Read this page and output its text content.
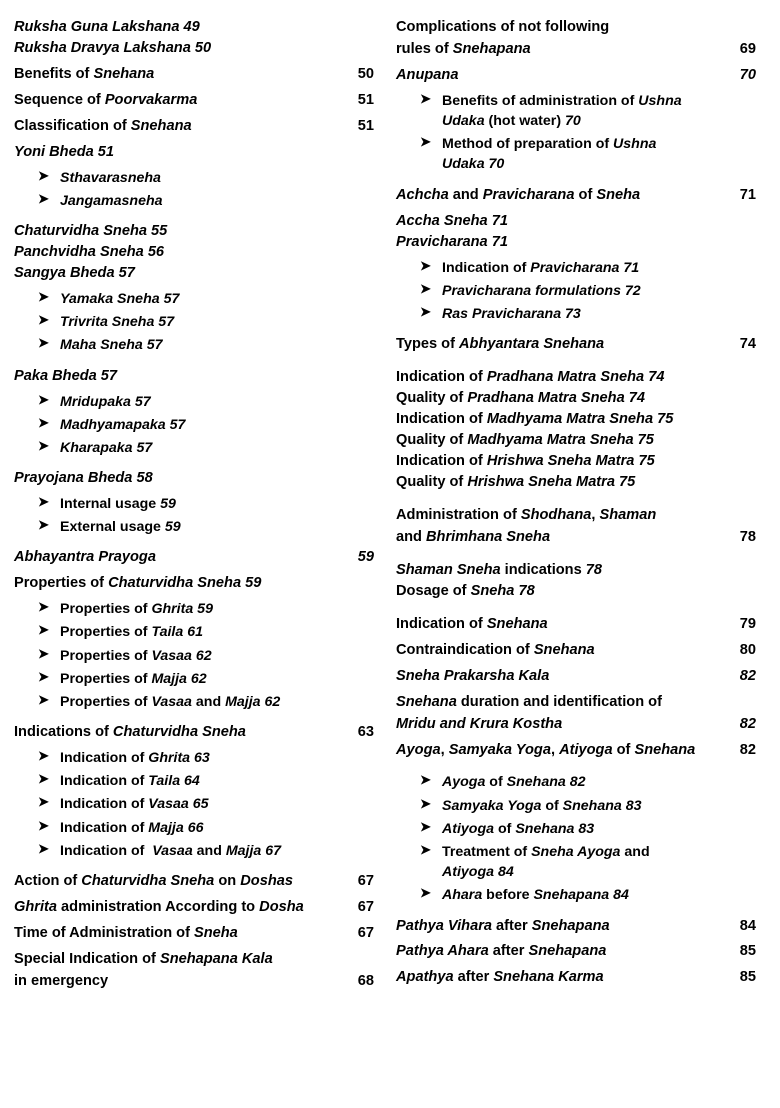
Ruksha Guna Lakshana 49
Ruksha Dravya Lakshana 50
Benefits of Snehana	50
Sequence of Poorvakarma	51
Classification of Snehana	51
Yoni Bheda 51
➤ Sthavarasneha
➤ Jangamasneha
Chaturvidha Sneha 55
Panchvidha Sneha 56
Sangya Bheda 57
➤ Yamaka Sneha 57
➤ Trivrita Sneha 57
➤ Maha Sneha 57
Paka Bheda 57
➤ Mridupaka 57
➤ Madhyamapaka 57
➤ Kharapaka 57
Prayojana Bheda 58
➤ Internal usage 59
➤ External usage 59
Abhayantra Prayoga	59
Properties of Chaturvidha Sneha 59
➤ Properties of Ghrita 59
➤ Properties of Taila 61
➤ Properties of Vasaa 62
➤ Properties of Majja 62
➤ Properties of Vasaa and Majja 62
Indications of Chaturvidha Sneha	63
➤ Indication of Ghrita 63
➤ Indication of Taila 64
➤ Indication of Vasaa 65
➤ Indication of Majja 66
➤ Indication of  Vasaa and Majja 67
Action of Chaturvidha Sneha on Doshas	67
Ghrita administration According to Dosha	67
Time of Administration of Sneha	67
Special Indication of Snehapana Kala
in emergency	68
Complications of not following
rules of Snehapana	69
Anupana	70
➤ Benefits of administration of Ushna
Udaka (hot water) 70
➤ Method of preparation of Ushna
Udaka 70
Achcha and Pravicharana of Sneha	71
Accha Sneha 71
Pravicharana 71
➤ Indication of Pravicharana 71
➤ Pravicharana formulations 72
➤ Ras Pravicharana 73
Types of Abhyantara Snehana	74
Indication of Pradhana Matra Sneha 74
Quality of Pradhana Matra Sneha 74
Indication of Madhyama Matra Sneha 75
Quality of Madhyama Matra Sneha 75
Indication of Hrishwa Sneha Matra 75
Quality of Hrishwa Sneha Matra 75
Administration of Shodhana, Shaman
and Bhrimhana Sneha	78
Shaman Sneha indications 78
Dosage of Sneha 78
Indication of Snehana	79
Contraindication of Snehana	80
Sneha Prakarsha Kala	82
Snehana duration and identification of
Mridu and Krura Kostha	82
Ayoga, Samyaka Yoga, Atiyoga of Snehana	82
➤ Ayoga of Snehana 82
➤ Samyaka Yoga of Snehana 83
➤ Atiyoga of Snehana 83
➤ Treatment of Sneha Ayoga and
Atiyoga 84
➤ Ahara before Snehapana 84
Pathya Vihara after Snehapana	84
Pathya Ahara after Snehapana	85
Apathya after Snehana Karma	85
